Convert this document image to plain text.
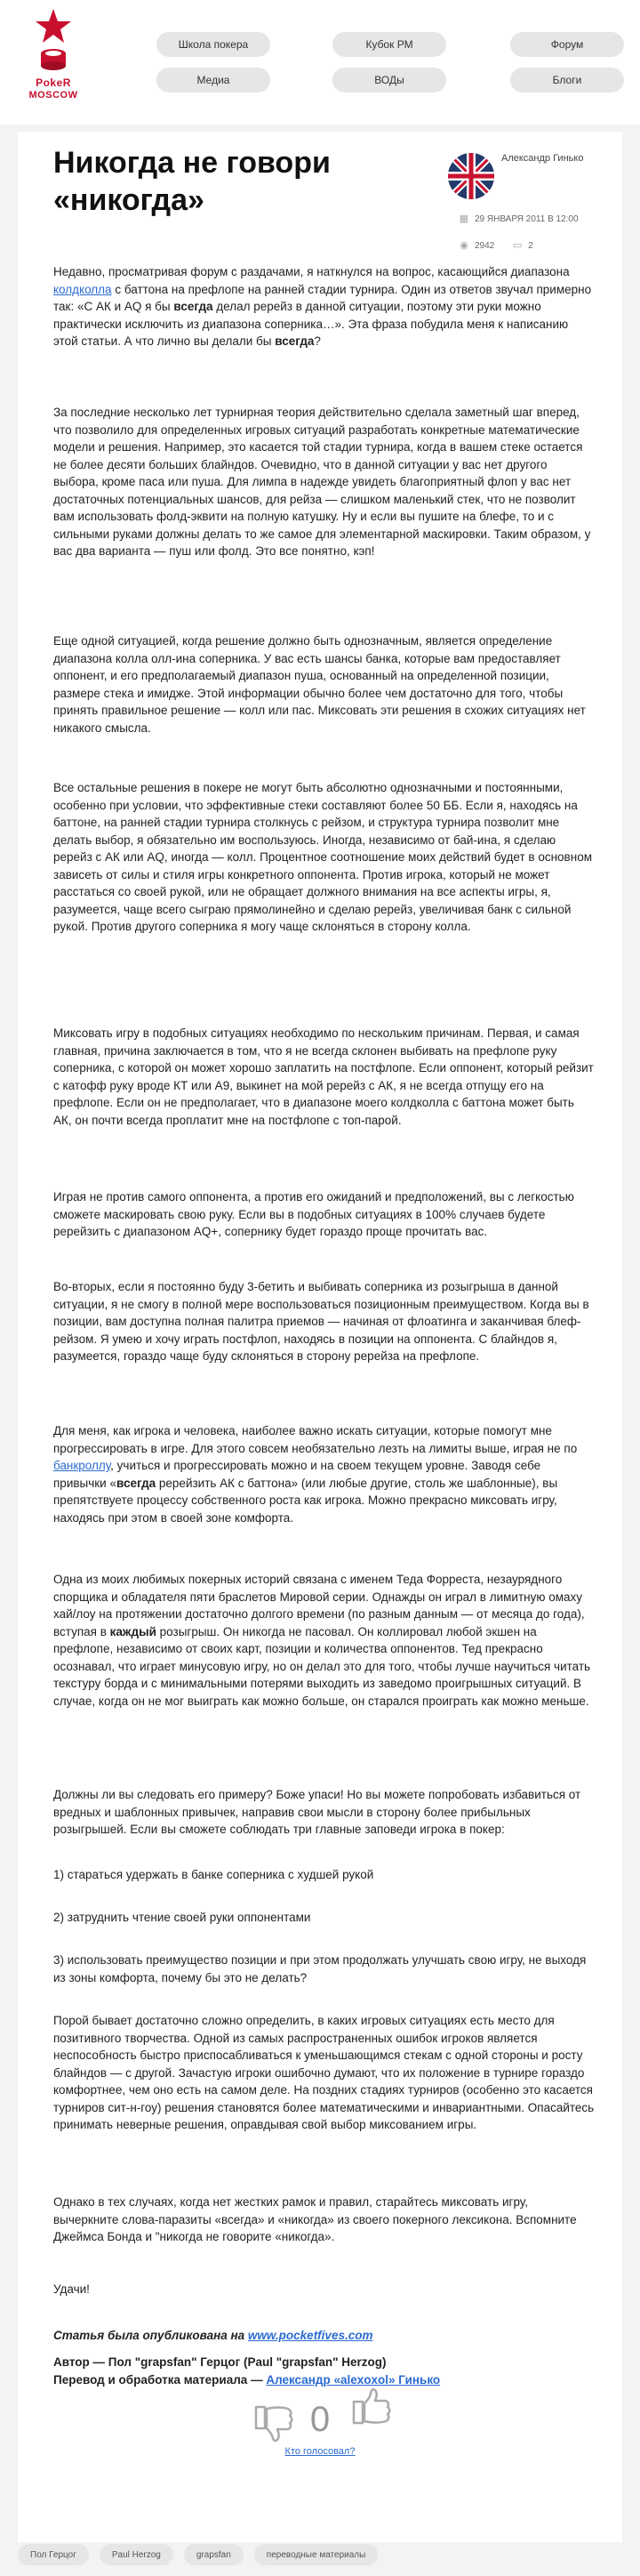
PokeR
MOSCOW
Школа покера	Кубок РМ	Форум
Медиа	ВОДы	Блоги
Никогда не говори «никогда»
Александр Гинько
▦ 29 ЯНВАРЯ 2011 В 12:00
◉ 2942 ▭ 2

Недавно, просматривая форум с раздачами, я наткнулся на вопрос, касающийся диапазона колдколла с баттона на префлопе на ранней стадии турнира. Один из ответов звучал примерно так: «С АК и AQ я бы всегда делал ререйз в данной ситуации, поэтому эти руки можно практически исключить из диапазона соперника…». Эта фраза побудила меня к написанию этой статьи. А что лично вы делали бы всегда?

За последние несколько лет турнирная теория действительно сделала заметный шаг вперед, что позволило для определенных игровых ситуаций разработать конкретные математические модели и решения. Например, это касается той стадии турнира, когда в вашем стеке остается не более десяти больших блайндов. Очевидно, что в данной ситуации у вас нет другого выбора, кроме паса или пуша. Для лимпа в надежде увидеть благоприятный флоп у вас нет достаточных потенциальных шансов, для рейза — слишком маленький стек, что не позволит вам использовать фолд-эквити на полную катушку. Ну и если вы пушите на блефе, то и с сильными руками должны делать то же самое для элементарной маскировки. Таким образом, у вас два варианта — пуш или фолд. Это все понятно, кэп!

Еще одной ситуацией, когда решение должно быть однозначным, является определение диапазона колла олл-ина соперника. У вас есть шансы банка, которые вам предоставляет оппонент, и его предполагаемый диапазон пуша, основанный на определенной позиции, размере стека и имидже. Этой информации обычно более чем достаточно для того, чтобы принять правильное решение — колл или пас. Миксовать эти решения в схожих ситуациях нет никакого смысла.

Все остальные решения в покере не могут быть абсолютно однозначными и постоянными, особенно при условии, что эффективные стеки составляют более 50 ББ. Если я, находясь на баттоне, на ранней стадии турнира столкнусь с рейзом, и структура турнира позволит мне делать выбор, я обязательно им воспользуюсь. Иногда, независимо от бай-ина, я сделаю ререйз с АК или AQ, иногда — колл. Процентное соотношение моих действий будет в основном зависеть от силы и стиля игры конкретного оппонента. Против игрока, который не может расстаться со своей рукой, или не обращает должного внимания на все аспекты игры, я, разумеется, чаще всего сыграю прямолинейно и сделаю ререйз, увеличивая банк с сильной рукой. Против другого соперника я могу чаще склоняться в сторону колла.

Миксовать игру в подобных ситуациях необходимо по нескольким причинам. Первая, и самая главная, причина заключается в том, что я не всегда склонен выбивать на префлопе руку соперника, с которой он может хорошо заплатить на постфлопе. Если оппонент, который рейзит с катофф руку вроде КТ или А9, выкинет на мой ререйз с АК, я не всегда отпущу его на префлопе. Если он не предполагает, что в диапазоне моего колдколла с баттона может быть АК, он почти всегда проплатит мне на постфлопе с топ-парой.

Играя не против самого оппонента, а против его ожиданий и предположений, вы с легкостью сможете маскировать свою руку. Если вы в подобных ситуациях в 100% случаев будете ререйзить с диапазоном AQ+, сопернику будет гораздо проще прочитать вас.

Во-вторых, если я постоянно буду 3-бетить и выбивать соперника из розыгрыша в данной ситуации, я не смогу в полной мере воспользоваться позиционным преимуществом. Когда вы в позиции, вам доступна полная палитра приемов — начиная от флоатинга и заканчивая блеф-рейзом. Я умею и хочу играть постфлоп, находясь в позиции на оппонента. С блайндов я, разумеется, гораздо чаще буду склоняться в сторону ререйза на префлопе.

Для меня, как игрока и человека, наиболее важно искать ситуации, которые помогут мне прогрессировать в игре. Для этого совсем необязательно лезть на лимиты выше, играя не по банкроллу, учиться и прогрессировать можно и на своем текущем уровне. Заводя себе привычки «всегда ререйзить АК с баттона» (или любые другие, столь же шаблонные), вы препятствуете процессу собственного роста как игрока. Можно прекрасно миксовать игру, находясь при этом в своей зоне комфорта.

Одна из моих любимых покерных историй связана с именем Теда Форреста, незаурядного спорщика и обладателя пяти браслетов Мировой серии. Однажды он играл в лимитную омаху хай/лоу на протяжении достаточно долгого времени (по разным данным — от месяца до года), вступая в каждый розыгрыш. Он никогда не пасовал. Он коллировал любой экшен на префлопе, независимо от своих карт, позиции и количества оппонентов. Тед прекрасно осознавал, что играет минусовую игру, но он делал это для того, чтобы лучше научиться читать текстуру борда и с минимальными потерями выходить из заведомо проигрышных ситуаций. В случае, когда он не мог выиграть как можно больше, он старался проиграть как можно меньше.

Должны ли вы следовать его примеру? Боже упаси! Но вы можете попробовать избавиться от вредных и шаблонных привычек, направив свои мысли в сторону более прибыльных розыгрышей. Если вы сможете соблюдать три главные заповеди игрока в покер:

1) стараться удержать в банке соперника с худшей рукой

2) затруднить чтение своей руки оппонентами

3) использовать преимущество позиции и при этом продолжать улучшать свою игру, не выходя из зоны комфорта, почему бы это не делать?

Порой бывает достаточно сложно определить, в каких игровых ситуациях есть место для позитивного творчества. Одной из самых распространенных ошибок игроков является неспособность быстро приспосабливаться к уменьшающимся стекам с одной стороны и росту блайндов — с другой. Зачастую игроки ошибочно думают, что их положение в турнире гораздо комфортнее, чем оно есть на самом деле. На поздних стадиях турниров (особенно это касается турниров сит-н-гоу) решения становятся более математическими и инвариантными. Опасайтесь принимать неверные решения, оправдывая свой выбор миксованием игры.

Однако в тех случаях, когда нет жестких рамок и правил, старайтесь миксовать игру, вычеркните слова-паразиты «всегда» и «никогда» из своего покерного лексикона. Вспомните Джеймса Бонда и "никогда не говорите «никогда».

Удачи!

Статья была опубликована на www.pocketfives.com

Автор — Пол "grapsfan" Герцог (Paul "grapsfan" Herzog)

Перевод и обработка материала — Александр «alexoxol» Гинько

0
Кто голосовал?
Пол Герцог	Paul Herzog	grapsfan	переводные материалы
